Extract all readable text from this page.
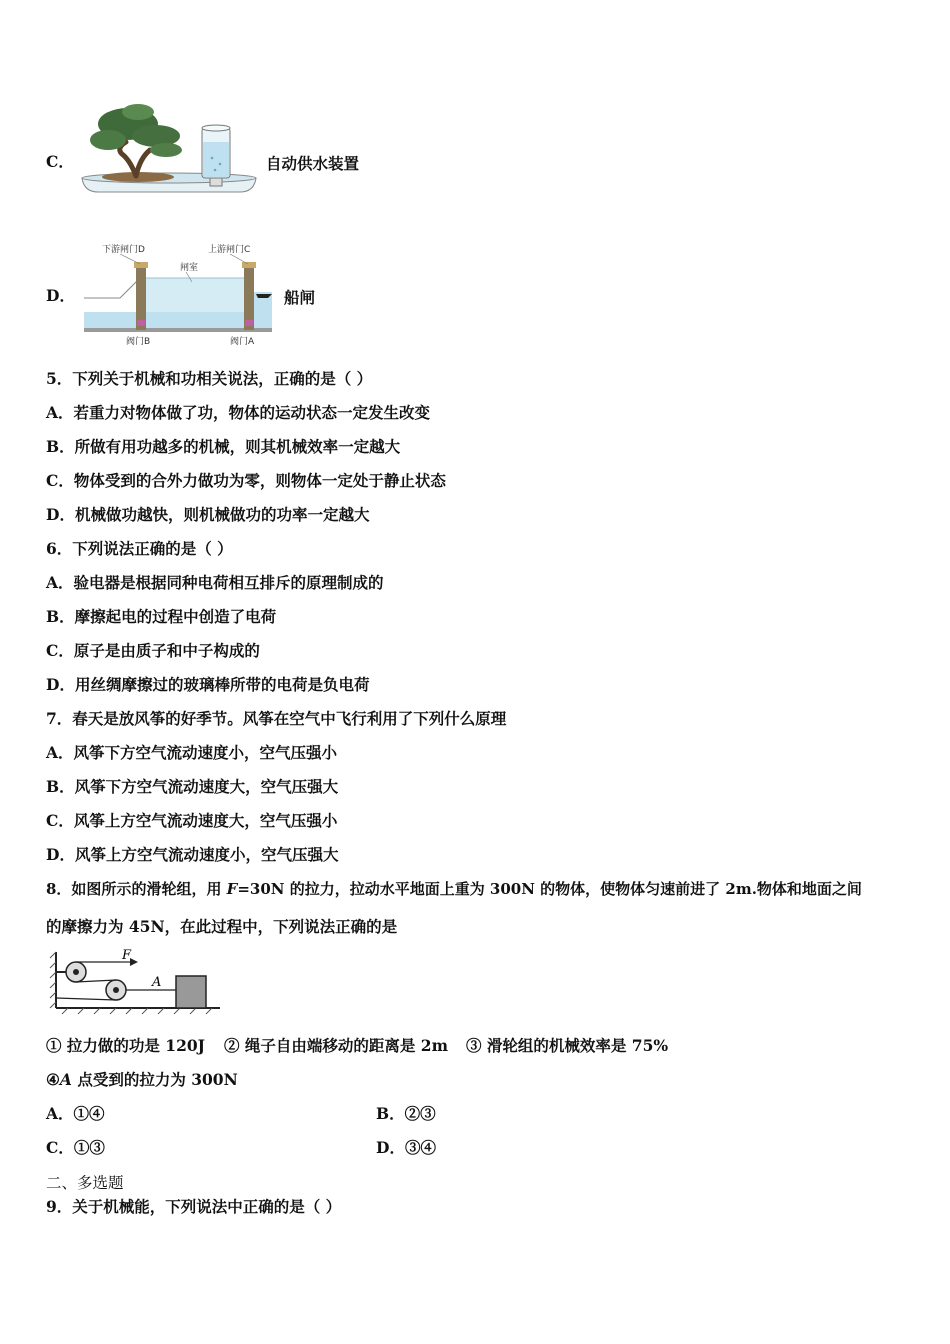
C．	自动供水装置
D．
下游闸门D	上游闸门C
闸室
阀门B	阀门A
船闸
5．下列关于机械和功相关说法，正确的是（ ）
A．若重力对物体做了功，物体的运动状态一定发生改变
B．所做有用功越多的机械，则其机械效率一定越大
C．物体受到的合外力做功为零，则物体一定处于静止状态
D．机械做功越快，则机械做功的功率一定越大
6．下列说法正确的是（ ）
A．验电器是根据同种电荷相互排斥的原理制成的
B．摩擦起电的过程中创造了电荷
C．原子是由质子和中子构成的
D．用丝绸摩擦过的玻璃棒所带的电荷是负电荷
7．春天是放风筝的好季节。风筝在空气中飞行利用了下列什么原理
A．风筝下方空气流动速度小，空气压强小
B．风筝下方空气流动速度大，空气压强大
C．风筝上方空气流动速度大，空气压强小
D．风筝上方空气流动速度小，空气压强大
8．如图所示的滑轮组，用 F=30N 的拉力，拉动水平地面上重为 300N 的物体，使物体匀速前进了 2m.物体和地面之间
的摩擦力为 45N，在此过程中，下列说法正确的是
F
A
① 拉力做的功是 120J ② 绳子自由端移动的距离是 2m ③ 滑轮组的机械效率是 75%
④A 点受到的拉力为 300N
A．①④	B．②③
C．①③	D．③④
二、多选题
9．关于机械能，下列说法中正确的是（ ）
